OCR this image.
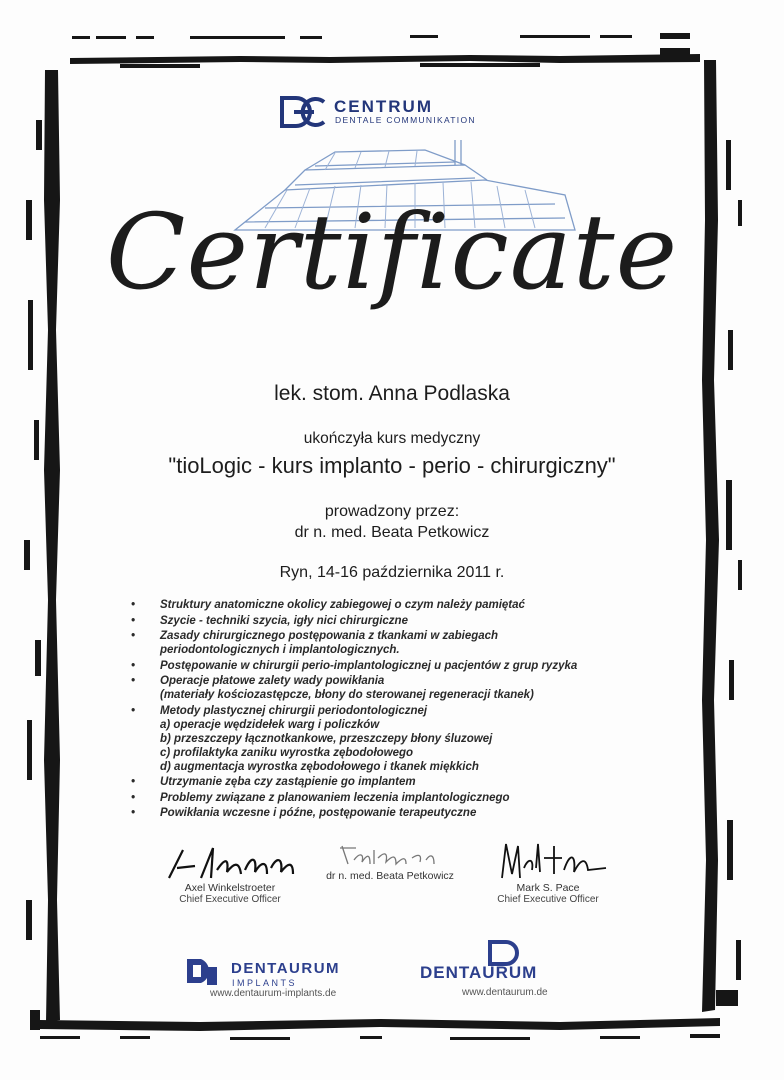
CENTRUM
DENTALE COMMUNIKATION
Certificate
lek. stom. Anna Podlaska
ukończyła kurs medyczny
"tioLogic - kurs implanto - perio - chirurgiczny"
prowadzony przez:
dr n. med. Beata Petkowicz
Ryn, 14-16 października 2011 r.
• Struktury anatomiczne okolicy zabiegowej o czym należy pamiętać
• Szycie - techniki szycia, igły nici chirurgiczne
• Zasady chirurgicznego postępowania z tkankami w zabiegach
periodontologicznych i implantologicznych.
• Postępowanie w chirurgii perio-implantologicznej u pacjentów z grup ryzyka
• Operacje płatowe zalety wady powikłania
(materiały kościozastępcze, błony do sterowanej regeneracji tkanek)
• Metody plastycznej chirurgii periodontologicznej
a) operacje wędzidełek warg i policzków
b) przeszczepy łącznotkankowe, przeszczepy błony śluzowej
c) profilaktyka zaniku wyrostka zębodołowego
d) augmentacja wyrostka zębodołowego i tkanek miękkich
• Utrzymanie zęba czy zastąpienie go implantem
• Problemy związane z planowaniem leczenia implantologicznego
• Powikłania wczesne i późne, postępowanie terapeutyczne
Axel Winkelstroeter
Chief Executive Officer
dr n. med. Beata Petkowicz
Mark S. Pace
Chief Executive Officer
DENTAURUM
IMPLANTS
www.dentaurum-implants.de
DENTAURUM
www.dentaurum.de
